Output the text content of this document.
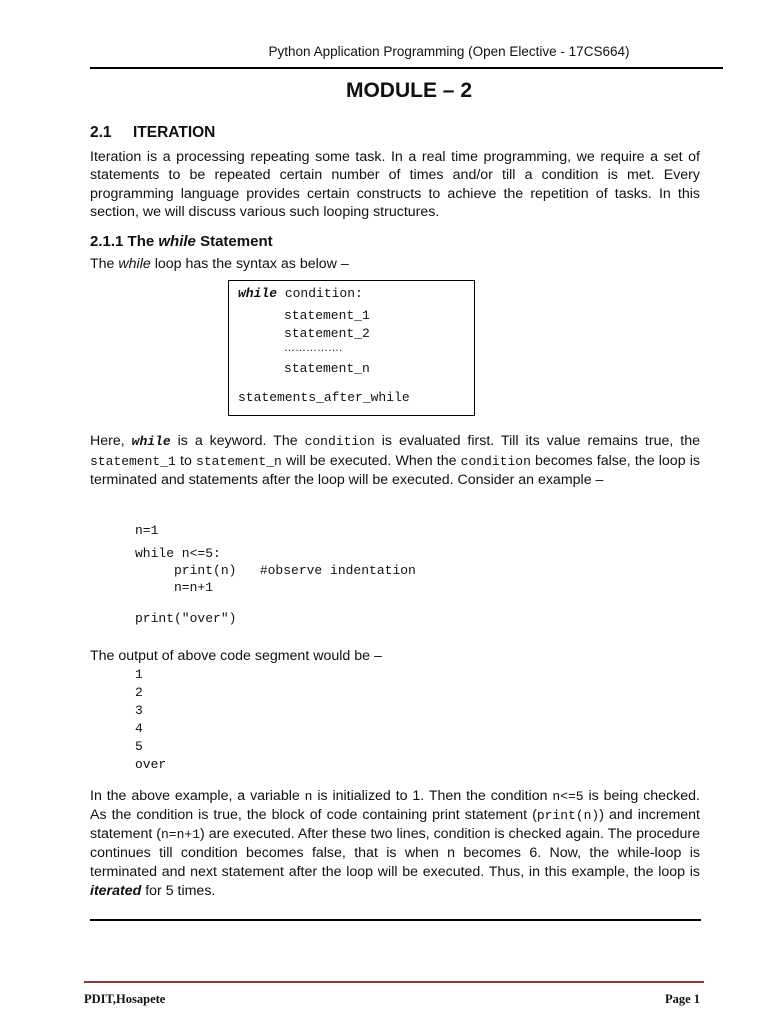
Python Application Programming (Open Elective - 17CS664)
MODULE – 2
2.1 ITERATION
Iteration is a processing repeating some task. In a real time programming, we require a set of statements to be repeated certain number of times and/or till a condition is met. Every programming language provides certain constructs to achieve the repetition of tasks. In this section, we will discuss various such looping structures.
2.1.1 The while Statement
The while loop has the syntax as below –
while condition:
statement_1
statement_2
…………….
statement_n
statements_after_while
Here, while is a keyword. The condition is evaluated first. Till its value remains true, the statement_1 to statement_n will be executed. When the condition becomes false, the loop is terminated and statements after the loop will be executed. Consider an example –
n=1
while n<=5:
print(n)   #observe indentation
n=n+1
print("over")
The output of above code segment would be –
1
2
3
4
5
over
In the above example, a variable n is initialized to 1. Then the condition n<=5 is being checked. As the condition is true, the block of code containing print statement (print(n)) and increment statement (n=n+1) are executed. After these two lines, condition is checked again. The procedure continues till condition becomes false, that is when n becomes 6. Now, the while-loop is terminated and next statement after the loop will be executed. Thus, in this example, the loop is iterated for 5 times.
PDIT,Hosapete	Page 1
